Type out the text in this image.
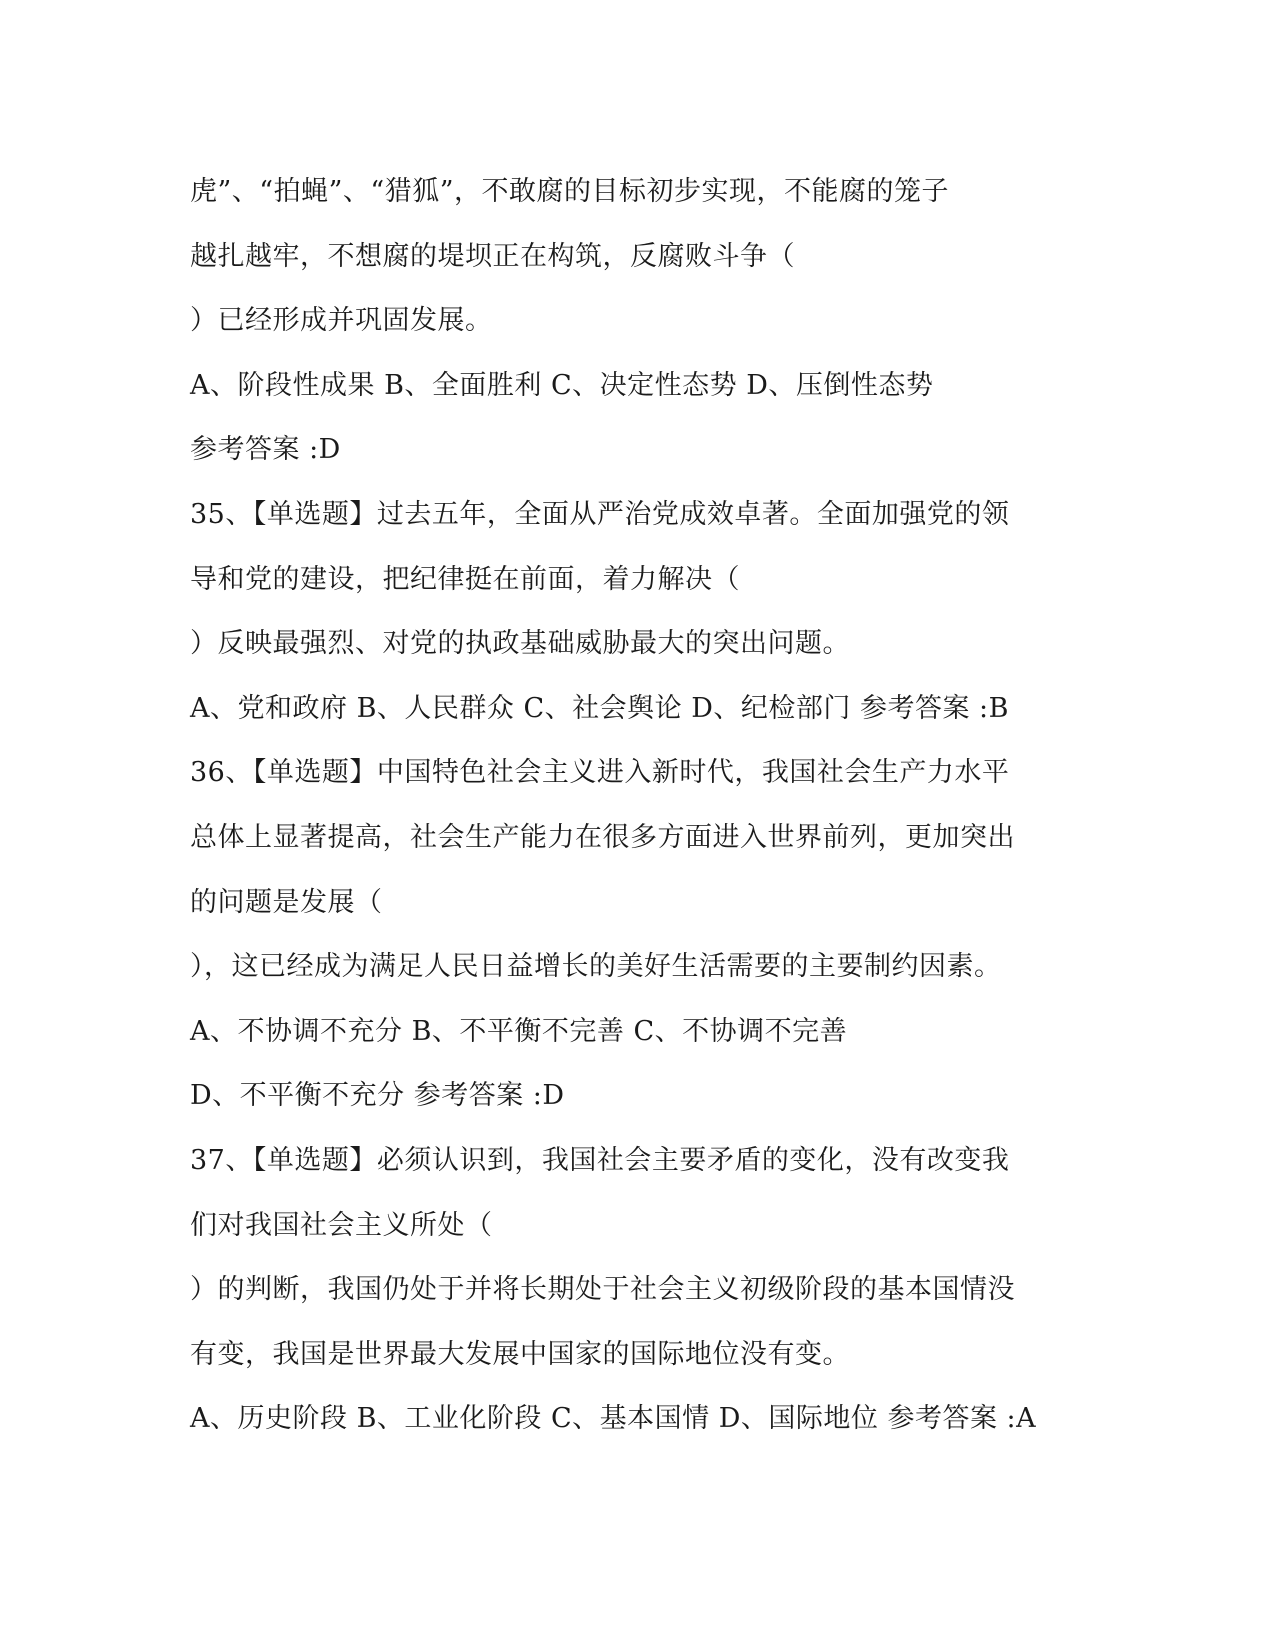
虎”、“拍蝇”、“猎狐”，不敢腐的目标初步实现，不能腐的笼子
越扎越牢，不想腐的堤坝正在构筑，反腐败斗争（
）已经形成并巩固发展。
A、阶段性成果 B、全面胜利 C、决定性态势 D、压倒性态势
参考答案 :D
35、【单选题】过去五年，全面从严治党成效卓著。全面加强党的领
导和党的建设，把纪律挺在前面，着力解决（
）反映最强烈、对党的执政基础威胁最大的突出问题。
A、党和政府 B、人民群众 C、社会舆论 D、纪检部门 参考答案 :B
36、【单选题】中国特色社会主义进入新时代，我国社会生产力水平
总体上显著提高，社会生产能力在很多方面进入世界前列，更加突出
的问题是发展（
），这已经成为满足人民日益增长的美好生活需要的主要制约因素。
A、不协调不充分 B、不平衡不完善 C、不协调不完善
D、不平衡不充分 参考答案 :D
37、【单选题】必须认识到，我国社会主要矛盾的变化，没有改变我
们对我国社会主义所处（
）的判断，我国仍处于并将长期处于社会主义初级阶段的基本国情没
有变，我国是世界最大发展中国家的国际地位没有变。
A、历史阶段 B、工业化阶段 C、基本国情 D、国际地位 参考答案 :A
